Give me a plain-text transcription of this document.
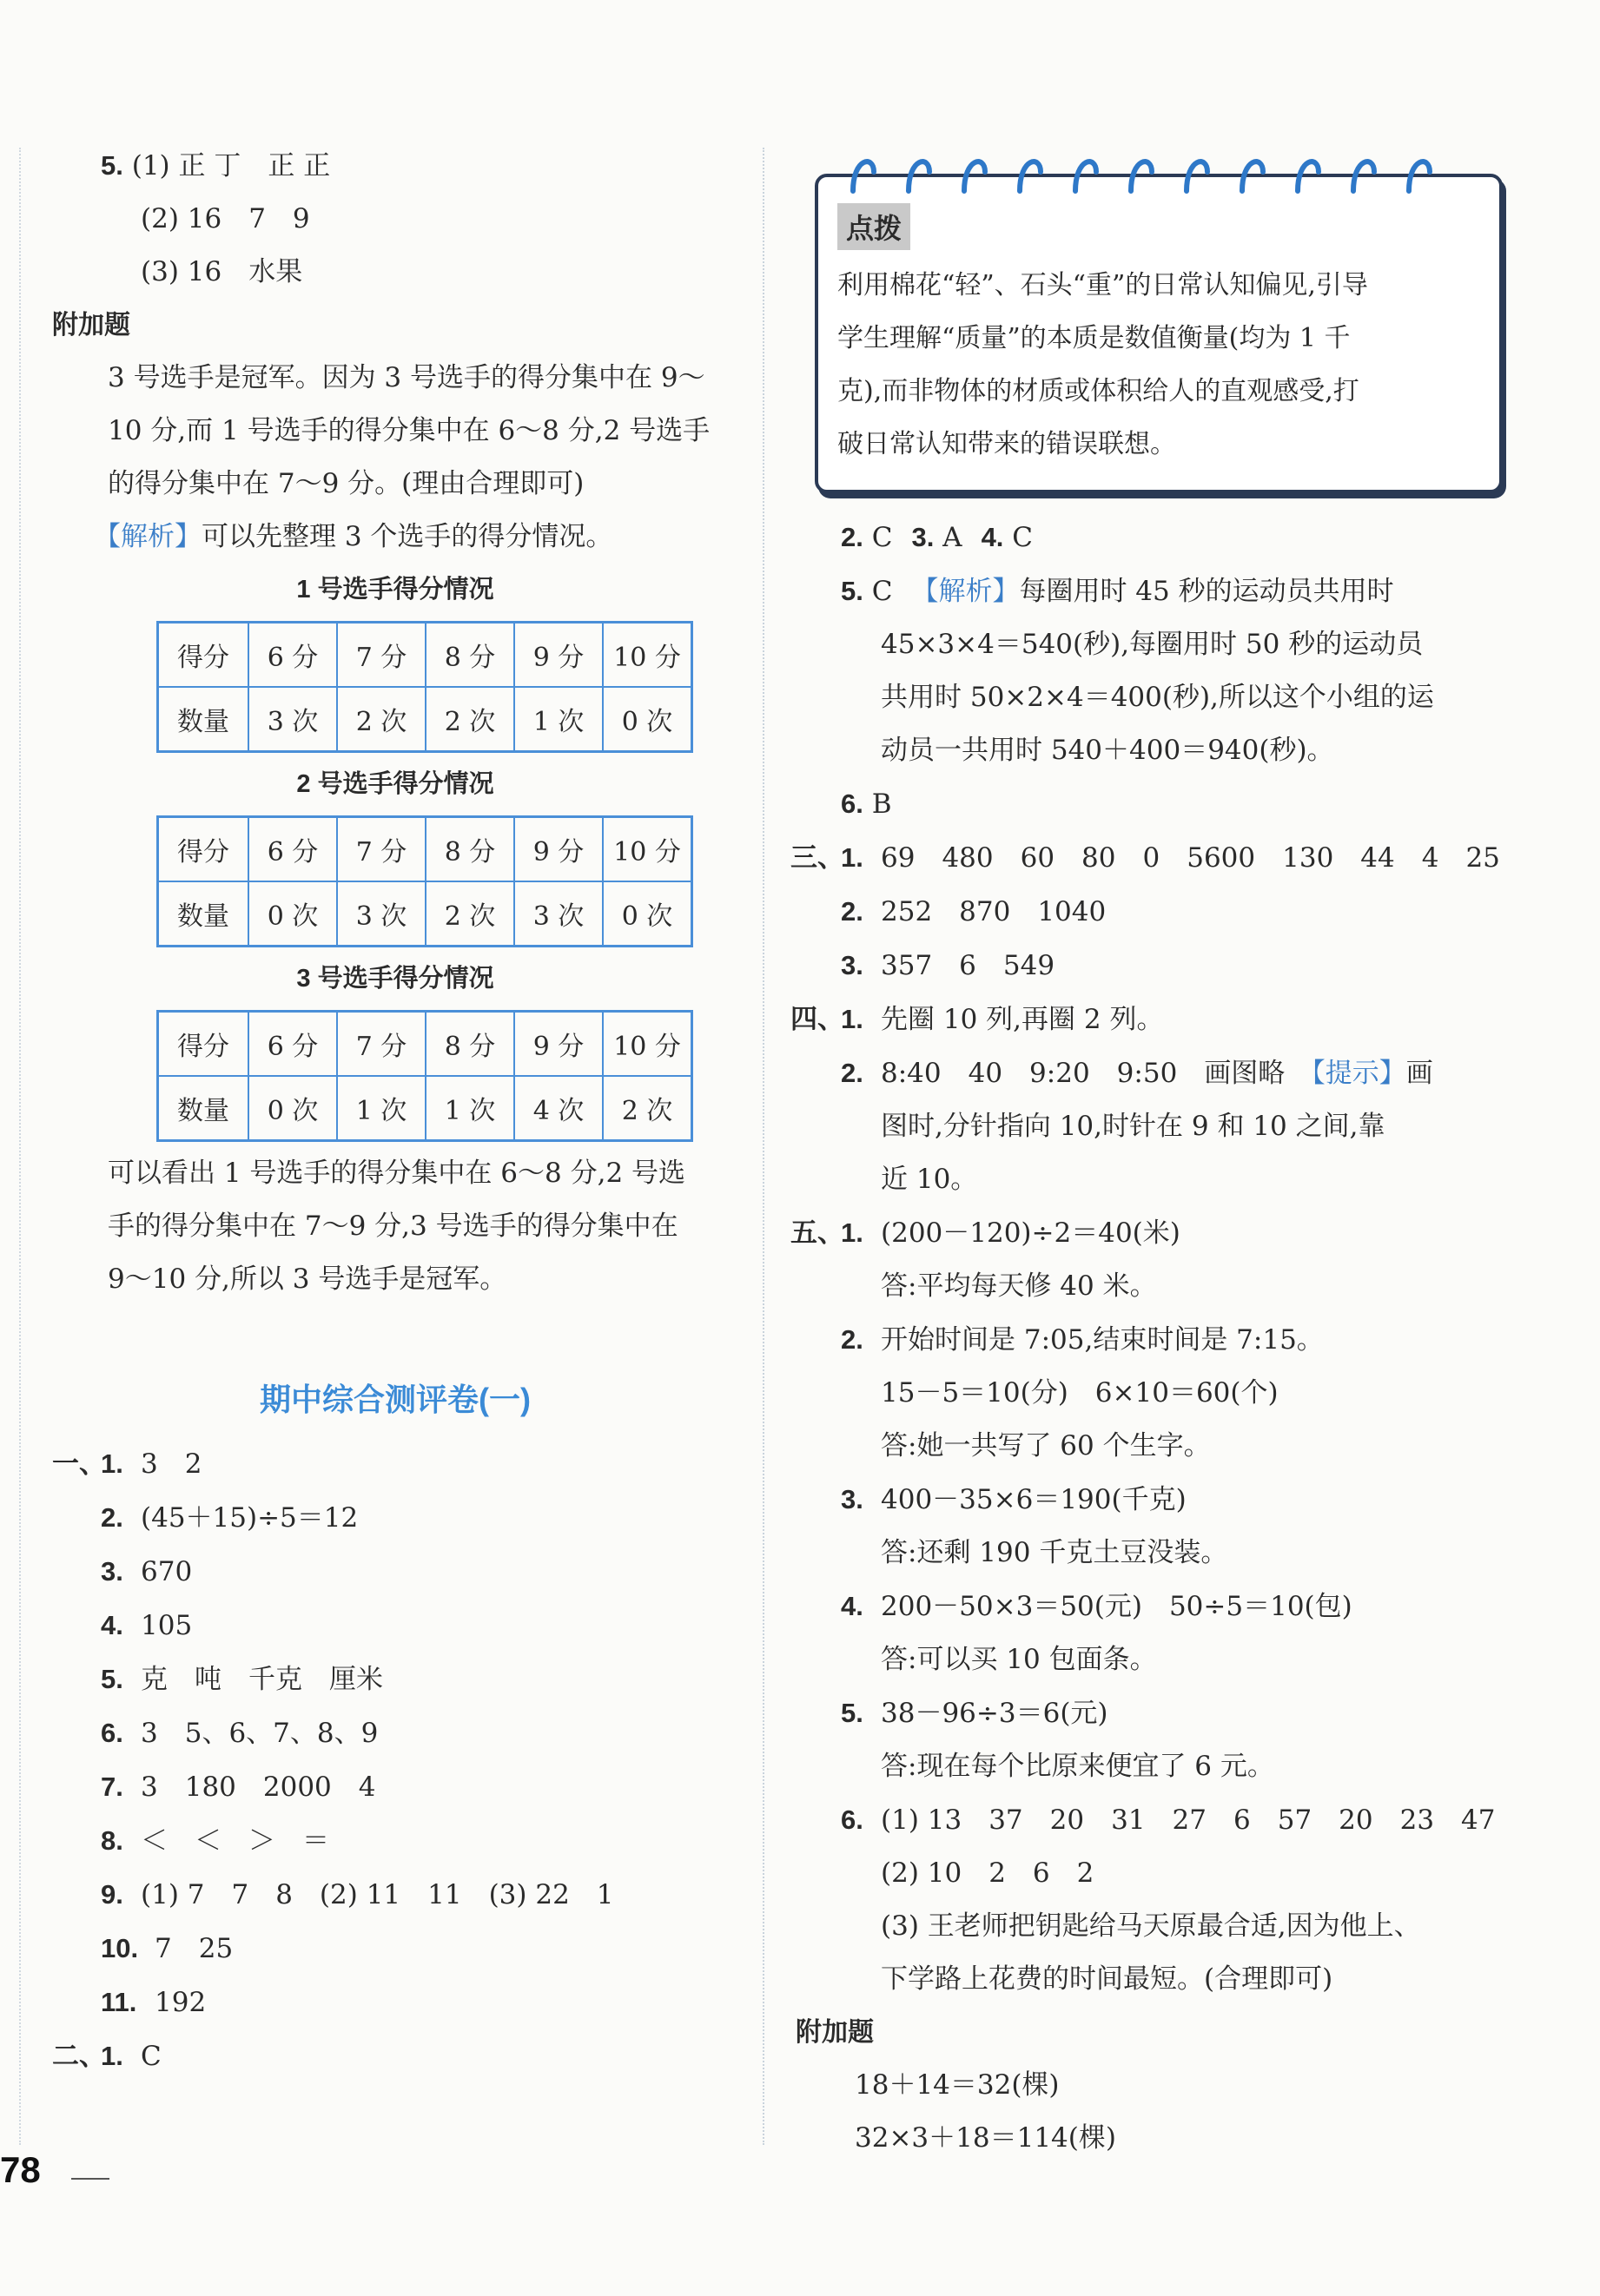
5. (1) 正 丁　正 正
(2) 16　7　9
(3) 16　水果
附加题
3 号选手是冠军。因为 3 号选手的得分集中在 9～
10 分,而 1 号选手的得分集中在 6～8 分,2 号选手
的得分集中在 7～9 分。(理由合理即可)
【解析】可以先整理 3 个选手的得分情况。
1 号选手得分情况
得分	6 分	7 分	8 分	9 分	10 分
数量	3 次	2 次	2 次	1 次	0 次
2 号选手得分情况
得分	6 分	7 分	8 分	9 分	10 分
数量	0 次	3 次	2 次	3 次	0 次
3 号选手得分情况
得分	6 分	7 分	8 分	9 分	10 分
数量	0 次	1 次	1 次	4 次	2 次
可以看出 1 号选手的得分集中在 6～8 分,2 号选
手的得分集中在 7～9 分,3 号选手的得分集中在
9～10 分,所以 3 号选手是冠军。
期中综合测评卷(一)
一、1. 3　2
2. (45＋15)÷5＝12
3. 670
4. 105
5. 克　吨　千克　厘米
6. 3　5、6、7、8、9
7. 3　180　2000　4
8. ＜　＜　＞　＝
9. (1) 7　7　8　(2) 11　11　(3) 22　1
10. 7　25
11. 192
二、1. C
点拨
利用棉花“轻”、石头“重”的日常认知偏见,引导
学生理解“质量”的本质是数值衡量(均为 1 千
克),而非物体的材质或体积给人的直观感受,打
破日常认知带来的错误联想。
2. C 3. A 4. C
5. C 【解析】每圈用时 45 秒的运动员共用时
45×3×4＝540(秒),每圈用时 50 秒的运动员
共用时 50×2×4＝400(秒),所以这个小组的运
动员一共用时 540＋400＝940(秒)。
6. B
三、1. 69　480　60　80　0　5600　130　44　4　25
2. 252　870　1040
3. 357　6　549
四、1. 先圈 10 列,再圈 2 列。
2. 8:40　40　9:20　9:50　画图略　【提示】画
图时,分针指向 10,时针在 9 和 10 之间,靠
近 10。
五、1. (200－120)÷2＝40(米)
答:平均每天修 40 米。
2. 开始时间是 7:05,结束时间是 7:15。
15－5＝10(分)　6×10＝60(个)
答:她一共写了 60 个生字。
3. 400－35×6＝190(千克)
答:还剩 190 千克土豆没装。
4. 200－50×3＝50(元)　50÷5＝10(包)
答:可以买 10 包面条。
5. 38－96÷3＝6(元)
答:现在每个比原来便宜了 6 元。
6. (1) 13　37　20　31　27　6　57　20　23　47
(2) 10　2　6　2
(3) 王老师把钥匙给马天原最合适,因为他上、
下学路上花费的时间最短。(合理即可)
附加题
18＋14＝32(棵)
32×3＋18＝114(棵)
78
